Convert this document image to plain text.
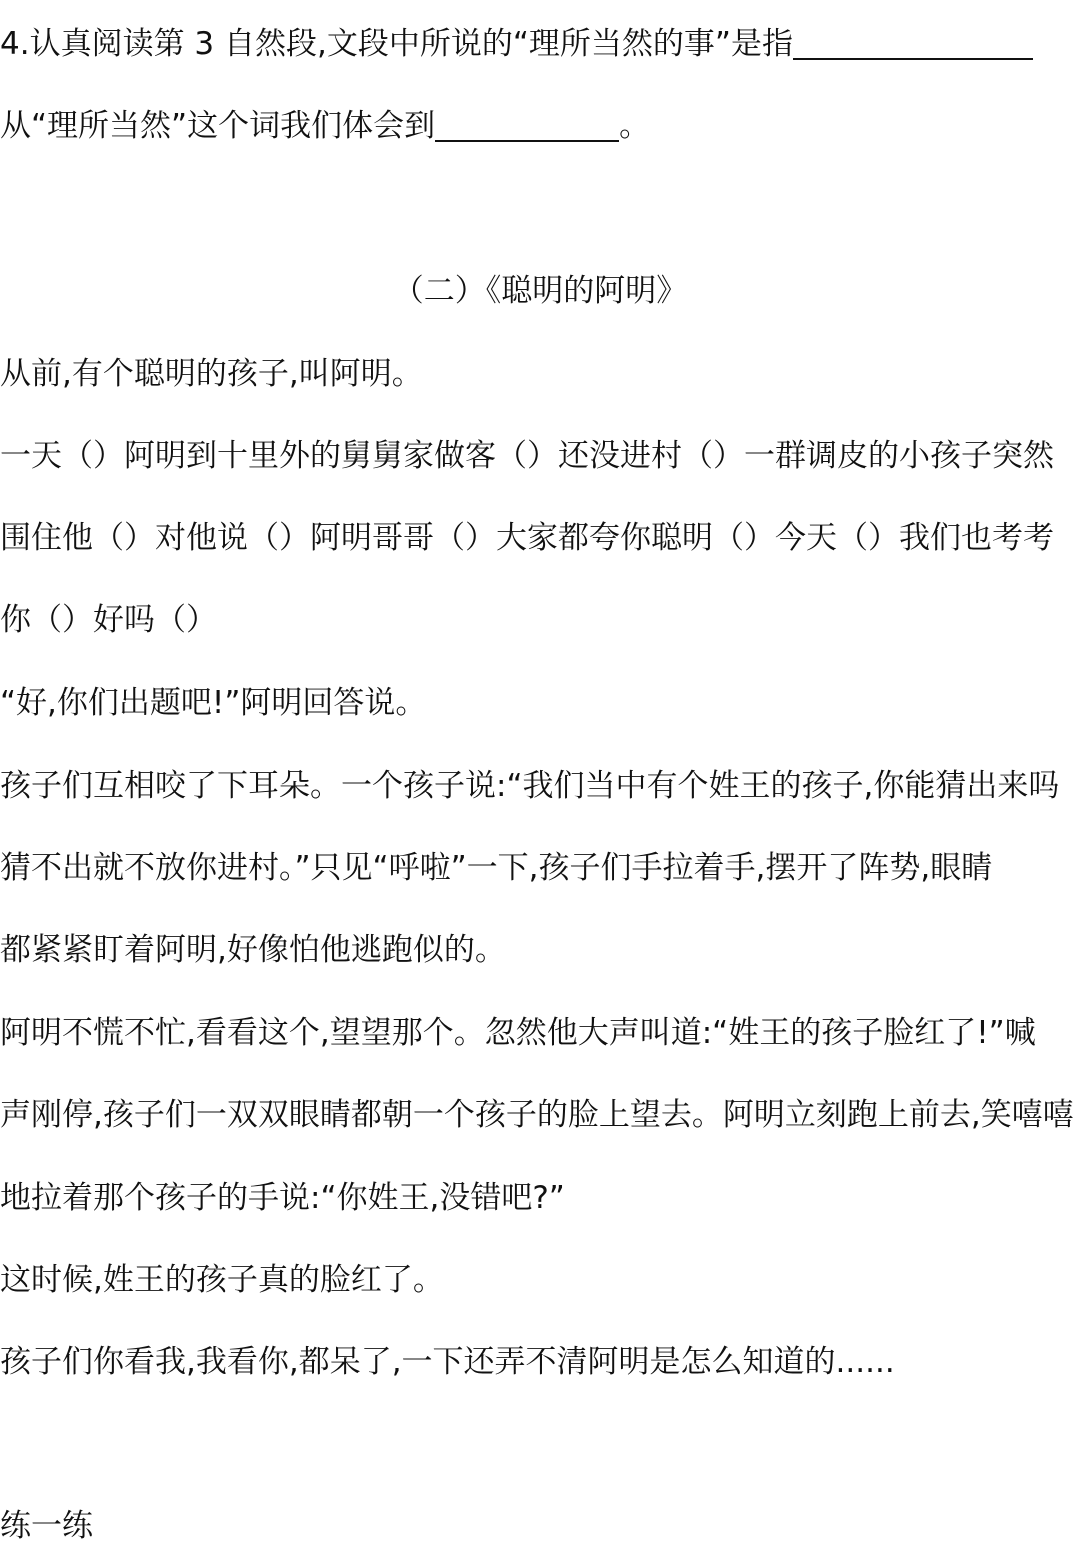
4.认真阅读第 3 自然段,文段中所说的“理所当然的事”是指
从“理所当然”这个词我们体会到	。
（二）《聪明的阿明》
从前,有个聪明的孩子,叫阿明。
一天（）阿明到十里外的舅舅家做客（）还没进村（）一群调皮的小孩子突然
围住他（）对他说（）阿明哥哥（）大家都夸你聪明（）今天（）我们也考考
你（）好吗（）
“好,你们出题吧!”阿明回答说。
孩子们互相咬了下耳朵。一个孩子说:“我们当中有个姓王的孩子,你能猜出来吗
猜不出就不放你进村。”只见“呼啦”一下,孩子们手拉着手,摆开了阵势,眼睛
都紧紧盯着阿明,好像怕他逃跑似的。
阿明不慌不忙,看看这个,望望那个。忽然他大声叫道:“姓王的孩子脸红了!”喊
声刚停,孩子们一双双眼睛都朝一个孩子的脸上望去。阿明立刻跑上前去,笑嘻嘻
地拉着那个孩子的手说:“你姓王,没错吧?”
这时候,姓王的孩子真的脸红了。
孩子们你看我,我看你,都呆了,一下还弄不清阿明是怎么知道的......
练一练
